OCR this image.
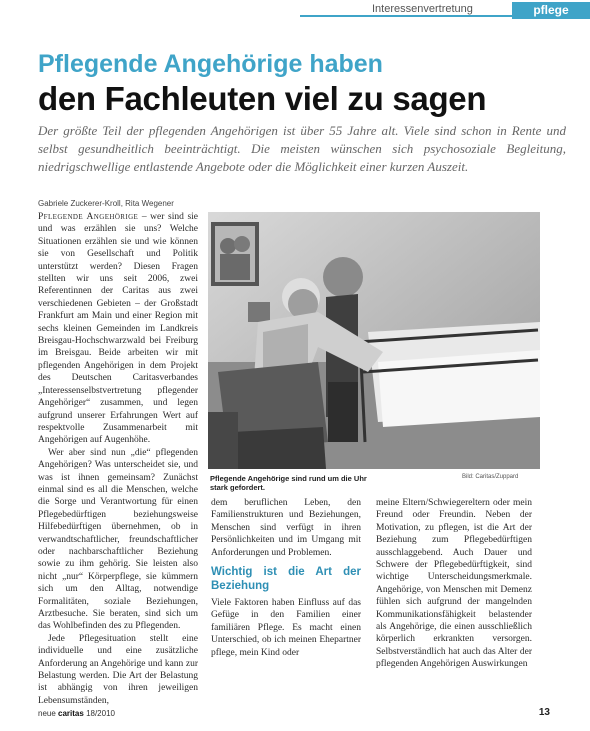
Interessenvertretung	pflege
Pflegende Angehörige haben
den Fachleuten viel zu sagen
Der größte Teil der pflegenden Angehörigen ist über 55 Jahre alt. Viele sind schon in Rente und selbst gesundheitlich beeinträchtigt. Die meisten wünschen sich psychosoziale Begleitung, niedrigschwellige entlastende Angebote oder die Möglichkeit einer kurzen Auszeit.
Gabriele Zuckerer-Kroll, Rita Wegener

Pflegende Angehörige – wer sind sie und was erzählen sie uns? Welche Situationen erzählen sie und wie können sie von Gesellschaft und Politik unterstützt werden? Diesen Fragen stellten wir uns seit 2006, zwei Referentinnen der Caritas aus zwei verschiedenen Gebieten – der Großstadt Frankfurt am Main und einer Region mit sechs kleinen Gemeinden im Landkreis Breisgau-Hochschwarzwald bei Freiburg im Breisgau. Beide arbeiten wir mit pflegenden Angehörigen in dem Projekt des Deutschen Caritasverbandes „Interessenselbstvertretung pflegender Angehöriger“ zusammen, und legen aufgrund unserer Erfahrungen Wert auf respektvolle Zusammenarbeit mit Angehörigen auf Augenhöhe.

Wer aber sind nun „die“ pflegenden Angehörigen? Was unterscheidet sie, und was ist ihnen gemeinsam? Zunächst einmal sind es all die Menschen, welche die Sorge und Verantwortung für einen Pflegebedürftigen beziehungsweise Hilfebedürftigen übernehmen, ob in verwandtschaftlicher, freundschaftlicher oder nachbarschaftlicher Beziehung sowie zu ihm gehörig. Sie leisten also nicht „nur“ Körperpflege, sie kümmern sich um den Alltag, notwendige Formalitäten, soziale Beziehungen, Arztbesuche. Sie beraten, sind sich um das Wohlbefinden des zu Pflegenden.

Jede Pflegesituation stellt eine individuelle und eine zusätzliche Anforderung an Angehörige und kann zur Belastung werden. Die Art der Belastung ist abhängig von ihren jeweiligen Lebensumständen,

Pflegende Angehörige sind rund um die Uhr stark gefordert.
Bild: Caritas/Zuppard

dem beruflichen Leben, den Familienstrukturen und Beziehungen, Menschen sind verfügt in ihren Persönlichkeiten und im Umgang mit Anforderungen und Problemen.

Wichtig ist die Art der Beziehung

Viele Faktoren haben Einfluss auf das Gefüge in den Familien einer familiären Pflege. Es macht einen Unterschied, ob ich meinen Ehepartner pflege, mein Kind oder

meine Eltern/Schwiegereltern oder mein Freund oder Freundin. Neben der Motivation, zu pflegen, ist die Art der Beziehung zum Pflegebedürftigen ausschlaggebend. Auch Dauer und Schwere der Pflegebedürftigkeit, sind wichtige Unterscheidungsmerkmale. Angehörige, von Menschen mit Demenz fühlen sich aufgrund der mangelnden Kommunikationsfähigkeit belastender als Angehörige, die einen ausschließlich körperlich erkrankten versorgen. Selbstverständlich hat auch das Alter der pflegenden Angehörigen Auswirkungen

neue caritas 18/2010	13
